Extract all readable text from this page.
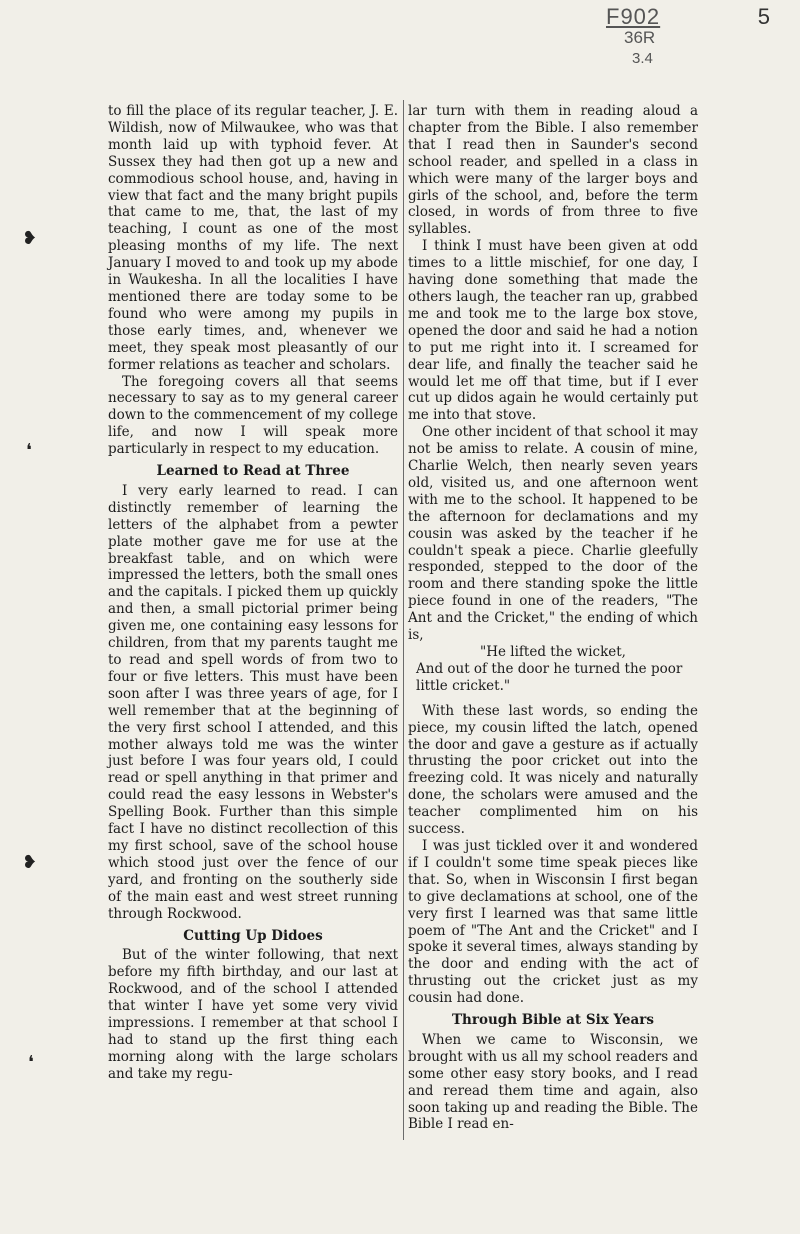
F902
36R
3.4
5
❥
❛
❥
❛

to fill the place of its regular teacher, J. E. Wildish, now of Milwaukee, who was that month laid up with typhoid fever. At Sussex they had then got up a new and commodious school house, and, having in view that fact and the many bright pupils that came to me, that, the last of my teaching, I count as one of the most pleasing months of my life. The next January I moved to and took up my abode in Waukesha. In all the localities I have mentioned there are today some to be found who were among my pupils in those early times, and, whenever we meet, they speak most pleasantly of our former relations as teacher and scholars.

The foregoing covers all that seems necessary to say as to my general career down to the commencement of my college life, and now I will speak more particularly in respect to my education.

Learned to Read at Three

I very early learned to read. I can distinctly remember of learning the letters of the alphabet from a pewter plate mother gave me for use at the breakfast table, and on which were impressed the letters, both the small ones and the capitals. I picked them up quickly and then, a small pictorial primer being given me, one containing easy lessons for children, from that my parents taught me to read and spell words of from two to four or five letters. This must have been soon after I was three years of age, for I well remember that at the beginning of the very first school I attended, and this mother always told me was the winter just before I was four years old, I could read or spell anything in that primer and could read the easy lessons in Webster's Spelling Book. Further than this simple fact I have no distinct recollection of this my first school, save of the school house which stood just over the fence of our yard, and fronting on the southerly side of the main east and west street running through Rockwood.

Cutting Up Didoes

But of the winter following, that next before my fifth birthday, and our last at Rockwood, and of the school I attended that winter I have yet some very vivid impressions. I remember at that school I had to stand up the first thing each morning along with the large scholars and take my regu-

lar turn with them in reading aloud a chapter from the Bible. I also remember that I read then in Saunder's second school reader, and spelled in a class in which were many of the larger boys and girls of the school, and, before the term closed, in words of from three to five syllables.

I think I must have been given at odd times to a little mischief, for one day, I having done something that made the others laugh, the teacher ran up, grabbed me and took me to the large box stove, opened the door and said he had a notion to put me right into it. I screamed for dear life, and finally the teacher said he would let me off that time, but if I ever cut up didos again he would certainly put me into that stove.

One other incident of that school it may not be amiss to relate. A cousin of mine, Charlie Welch, then nearly seven years old, visited us, and one afternoon went with me to the school. It happened to be the afternoon for declamations and my cousin was asked by the teacher if he couldn't speak a piece. Charlie gleefully responded, stepped to the door of the room and there standing spoke the little piece found in one of the readers, "The Ant and the Cricket," the ending of which is,

"He lifted the wicket,

And out of the door he turned the poor little cricket."

With these last words, so ending the piece, my cousin lifted the latch, opened the door and gave a gesture as if actually thrusting the poor cricket out into the freezing cold. It was nicely and naturally done, the scholars were amused and the teacher complimented him on his success.

I was just tickled over it and wondered if I couldn't some time speak pieces like that. So, when in Wisconsin I first began to give declamations at school, one of the very first I learned was that same little poem of "The Ant and the Cricket" and I spoke it several times, always standing by the door and ending with the act of thrusting out the cricket just as my cousin had done.

Through Bible at Six Years

When we came to Wisconsin, we brought with us all my school readers and some other easy story books, and I read and reread them time and again, also soon taking up and reading the Bible. The Bible I read en-
